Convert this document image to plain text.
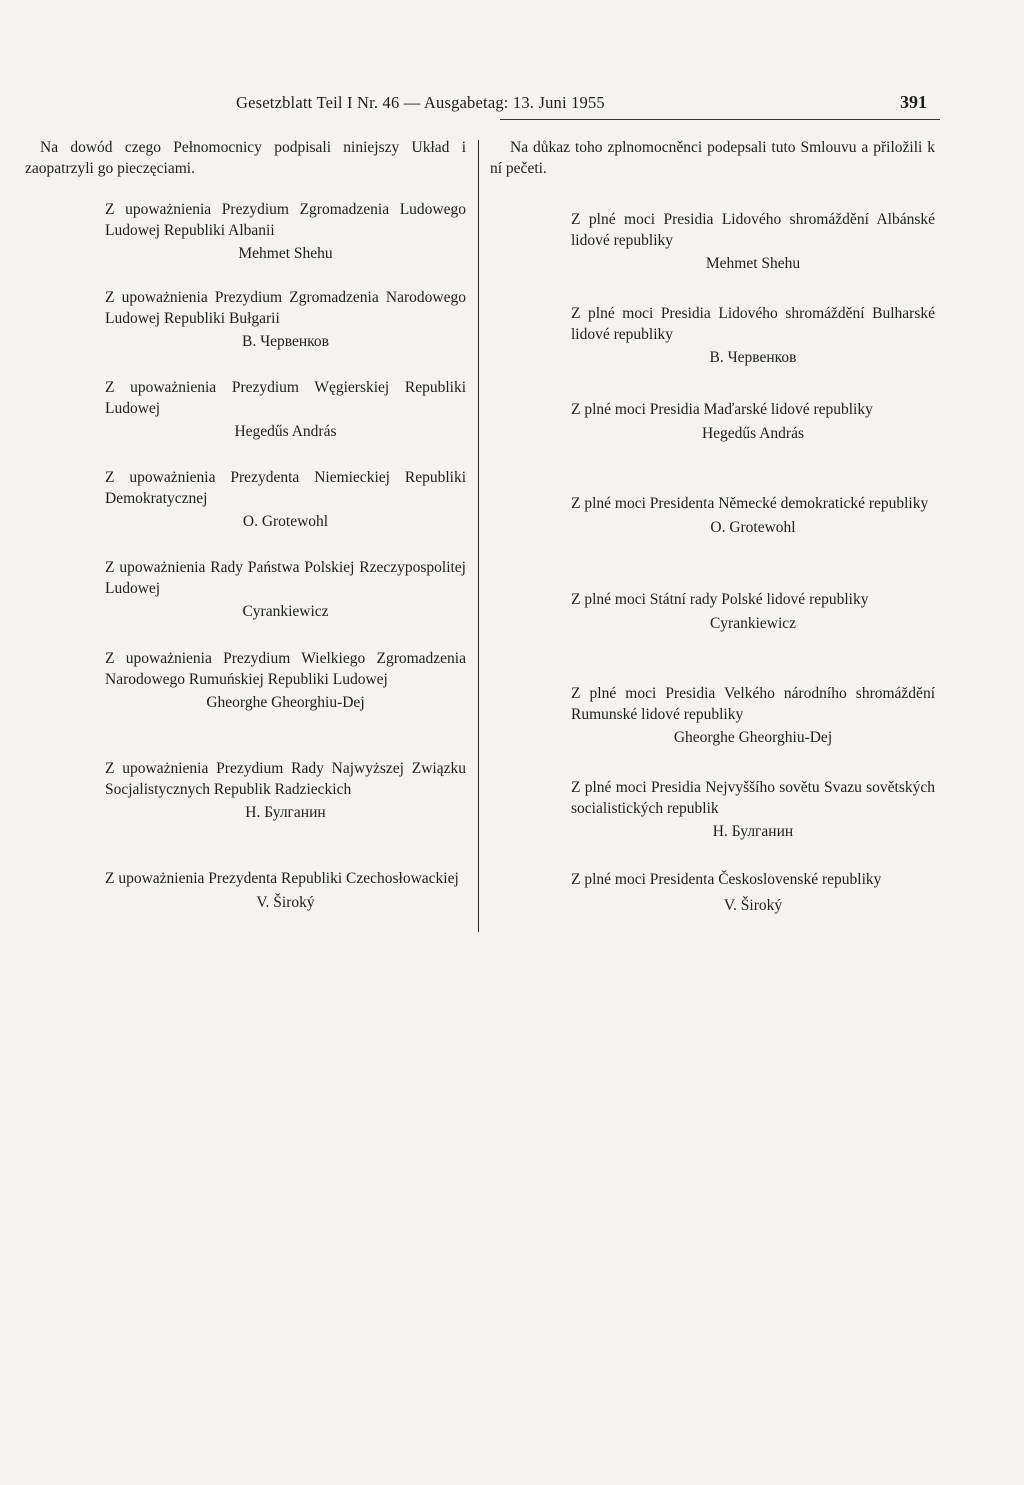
Gesetzblatt Teil I Nr. 46 — Ausgabetag: 13. Juni 1955	391

Na dowód czego Pełnomocnicy podpisali niniejszy Układ i zaopatrzyli go pieczęciami.

Z upoważnienia Prezydium Zgromadzenia Ludowego Ludowej Republiki Albanii

Mehmet Shehu

Z upoważnienia Prezydium Zgromadzenia Narodowego Ludowej Republiki Bułgarii

В. Червенков

Z upoważnienia Prezydium Węgierskiej Republiki Ludowej

Hegedűs András

Z upoważnienia Prezydenta Niemieckiej Republiki Demokratycznej

O. Grotewohl

Z upoważnienia Rady Państwa Polskiej Rzeczypospolitej Ludowej

Cyrankiewicz

Z upoważnienia Prezydium Wielkiego Zgromadzenia Narodowego Rumuńskiej Republiki Ludowej

Gheorghe Gheorghiu-Dej

Z upoważnienia Prezydium Rady Najwyższej Związku Socjalistycznych Republik Radzieckich

Н. Булганин

Z upoważnienia Prezydenta Republiki Czechosłowackiej

V. Široký

Na důkaz toho zplnomocněnci podepsali tuto Smlouvu a přiložili k ní pečeti.

Z plné moci Presidia Lidového shromáždění Albánské lidové republiky

Mehmet Shehu

Z plné moci Presidia Lidového shromáždění Bulharské lidové republiky

В. Червенков

Z plné moci Presidia Maďarské lidové republiky

Hegedűs András

Z plné moci Presidenta Německé demokratické republiky

O. Grotewohl

Z plné moci Státní rady Polské lidové republiky

Cyrankiewicz

Z plné moci Presidia Velkého národního shromáždění Rumunské lidové republiky

Gheorghe Gheorghiu-Dej

Z plné moci Presidia Nejvyššího sovětu Svazu sovětských socialistických republik

Н. Булганин

Z plné moci Presidenta Československé republiky

V. Široký
